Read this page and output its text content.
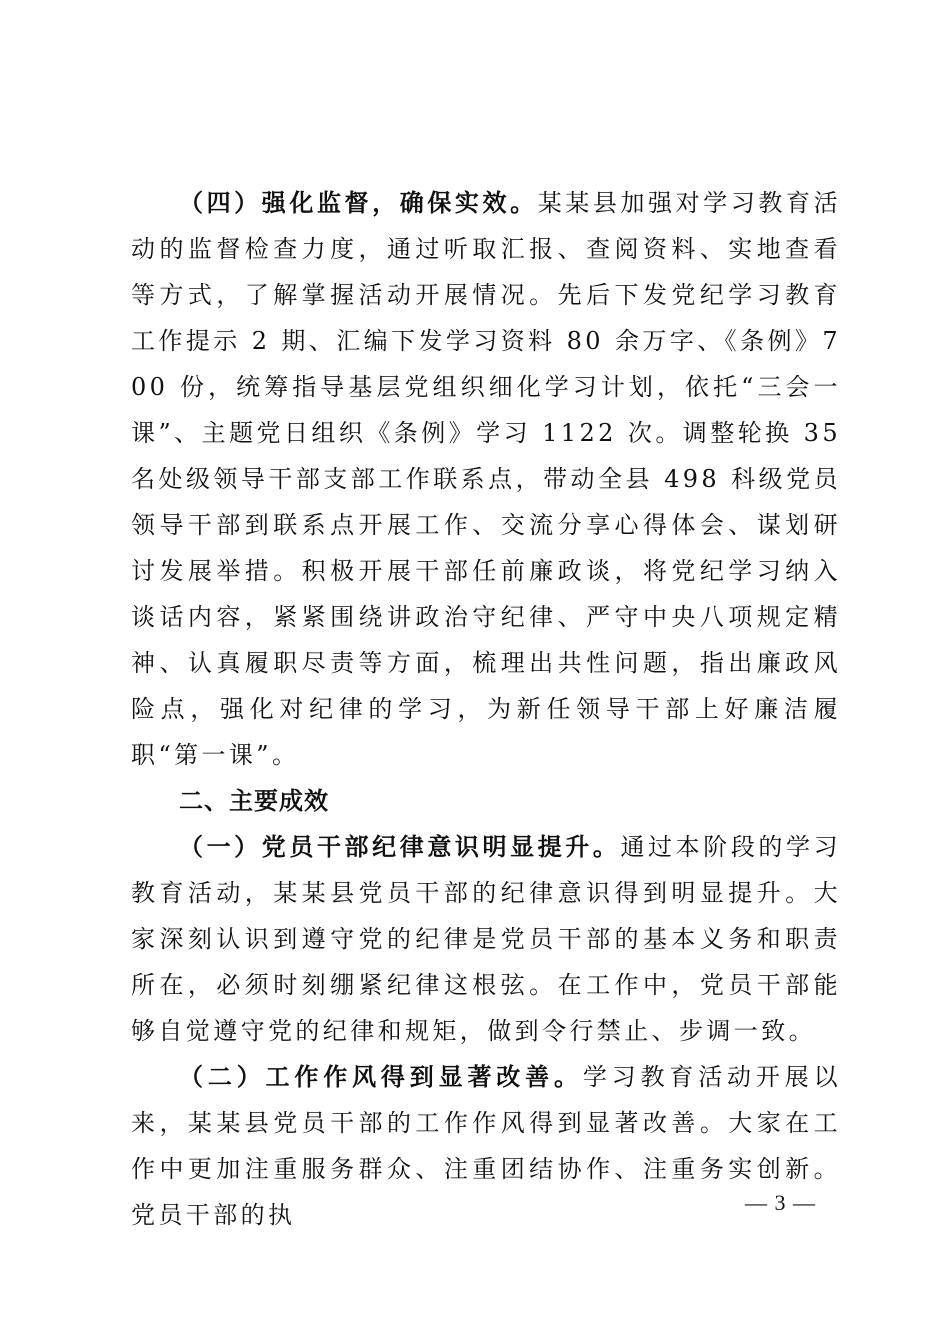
（四）强化监督，确保实效。某某县加强对学习教育活动的监督检查力度，通过听取汇报、查阅资料、实地查看等方式，了解掌握活动开展情况。先后下发党纪学习教育工作提示 2 期、汇编下发学习资料 80 余万字、《条例》700 份，统筹指导基层党组织细化学习计划，依托“三会一课”、主题党日组织《条例》学习 1122 次。调整轮换 35 名处级领导干部支部工作联系点，带动全县 498 科级党员领导干部到联系点开展工作、交流分享心得体会、谋划研讨发展举措。积极开展干部任前廉政谈，将党纪学习纳入谈话内容，紧紧围绕讲政治守纪律、严守中央八项规定精神、认真履职尽责等方面，梳理出共性问题，指出廉政风险点，强化对纪律的学习，为新任领导干部上好廉洁履职“第一课”。

二、主要成效

（一）党员干部纪律意识明显提升。通过本阶段的学习教育活动，某某县党员干部的纪律意识得到明显提升。大家深刻认识到遵守党的纪律是党员干部的基本义务和职责所在，必须时刻绷紧纪律这根弦。在工作中，党员干部能够自觉遵守党的纪律和规矩，做到令行禁止、步调一致。

（二）工作作风得到显著改善。学习教育活动开展以来，某某县党员干部的工作作风得到显著改善。大家在工作中更加注重服务群众、注重团结协作、注重务实创新。党员干部的执	— 3 —
